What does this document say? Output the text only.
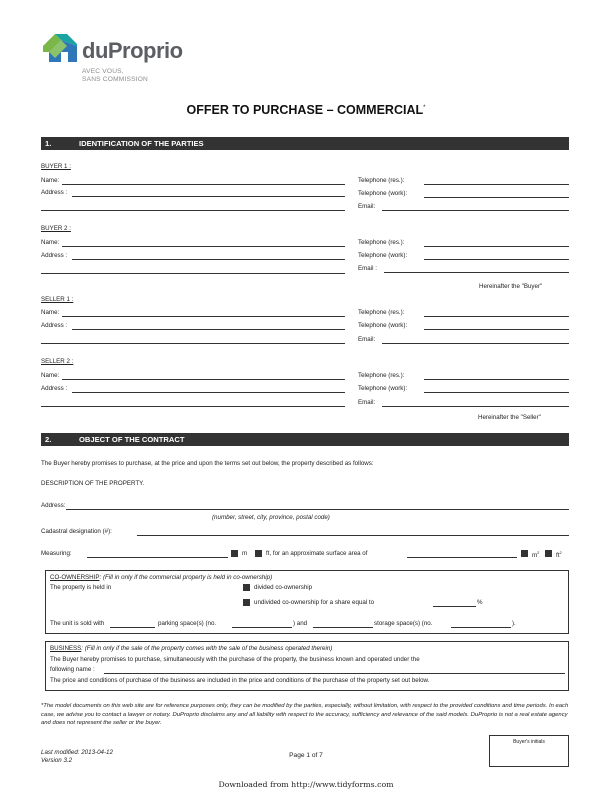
duProprio
AVEC VOUS,
SANS COMMISSION
OFFER TO PURCHASE – COMMERCIAL*
1.	IDENTIFICATION OF THE PARTIES
BUYER 1 :
Name:
Address :
Telephone (res.):
Telephone (work):
Email:
BUYER 2 :
Name:
Address :
Telephone (res.):
Telephone (work):
Email :
Hereinafter the "Buyer"
SELLER 1 :
Name:
Address :
Telephone (res.):
Telephone (work):
Email:
SELLER 2 :
Name:
Address :
Telephone (res.):
Telephone (work):
Email:
Hereinafter the "Seller"
2.	OBJECT OF THE CONTRACT
The Buyer hereby promises to purchase, at the price and upon the terms set out below, the property described as follows:
DESCRIPTION OF THE PROPERTY.
Address:
(number, street, city, province, postal code)
Cadastral designation (#):
Measuring:	m	ft, for an approximate surface area of	$m^2$	$ft^2$
CO-OWNERSHIP: (Fill in only if the commercial property is held in co-ownership)
The property is held in	divided co-ownership
undivided co-ownership for a share equal to	%
The unit is sold with	parking space(s) (no.	) and	storage space(s) (no.	).
BUSINESS: (Fill in only if the sale of the property comes with the sale of the business operated therein)
The Buyer hereby promises to purchase, simultaneously with the purchase of the property, the business known and operated under the
following name :
The price and conditions of purchase of the business are included in the price and conditions of the purchase of the property set out below.
*The model documents on this web site are for reference purposes only, they can be modified by the parties, especially, without limitation, with respect to the provided conditions and time periods. In each case, we advise you to contact a lawyer or notary. DuProprio disclaims any and all liability with respect to the accuracy, sufficiency and relevance of the said models. DuProprio is not a real estate agency and does not represent the seller or the buyer.
Buyer's initials
Last modified: 2013-04-12
Version 3.2
Page 1 of 7
Downloaded from http://www.tidyforms.com
